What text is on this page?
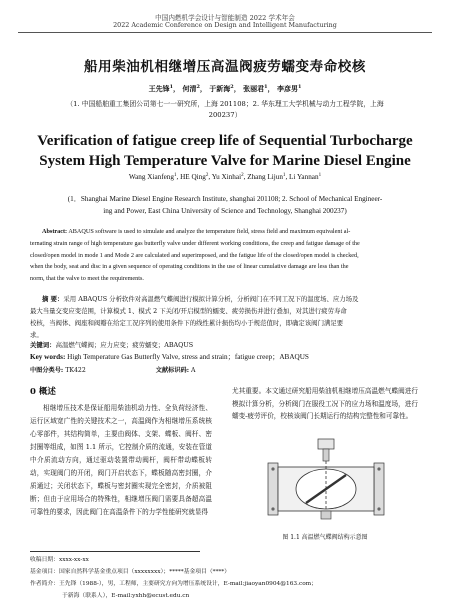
中国内燃机学会设计与智能制造 2022 学术年会
2022 Academic Conference on Design and Intelligent Manufacturing
船用柴油机相继增压高温阀疲劳蠕变寿命校核
王先锋$^1$， 何清$^2$， 于新海$^2$， 张丽君$^1$， 李彦男$^1$
（1. 中国船舶重工集团公司第七一一研究所，上海 201108；2. 华东理工大学机械与动力工程学院，上海
200237）
Verification of fatigue creep life of Sequential Turbocharge
System High Temperature Valve for Marine Diesel Engine
Wang Xianfeng$^1$, HE Qing$^2$, Yu Xinhai$^2$, Zhang Lijun$^1$, Li Yannan$^1$
(1．Shanghai Marine Diesel Engine Research Institute, shanghai 201108; 2. School of Mechanical Engineer-
ing and Power, East China University of Science and Technology, Shanghai 200237)
Abstract: ABAQUS software is used to simulate and analyze the temperature field, stress field and maximum equivalent al-
ternating strain range of high temperature gas butterfly valve under different working conditions, the creep and fatigue damage of the
closed/open model in mode 1 and Mode 2 are calculated and superimposed, and the fatigue life of the closed/open model is checked,
when the body, seat and disc in a given sequence of operating conditions in the use of linear cumulative damage are less than the
norm, that the valve to meet the requirements.
摘 要：采用 ABAQUS 分析软件对高温燃气蝶阀进行模拟计算分析，分析阀门在不同工况下的温度场、应力场及
最大当量交变应变范围，计算模式 1、模式 2 下关闭/开启模型的蠕变、疲劳损伤并进行叠加，对其进行疲劳寿命
校核，当阀体、阀座和阀瓣在给定工况序列的使用条件下的线性累计损伤均小于规范值时，即确定该阀门满足要
求。
关键词：高温燃气蝶阀；应力应变；疲劳蠕变；ABAQUS
Key words: High Temperature Gas Butterfly Valve, stress and strain；fatigue creep；ABAQUS
中图分类号: TK422	文献标识码: A
0 概述
相继增压技术是保证船用柴油机动力性、全负荷经济性、运行区域宽广性的关键技术之一，高温阀作为相继增压系统核心零部件，其结构简单，主要由阀体、支架、蝶板、阀杆、密封圈等组成，如图 1.1 所示，它控制介质的流通，安装在管道中介质流动方向，通过驱动装置带动阀杆，阀杆带动蝶板转动，实现阀门的开闭，阀门开启状态下，蝶板随高密封圈，介质通过；关闭状态下，蝶板与密封圈实现完全密封，介质被阻断；但由于应用场合的特殊性，相继增压阀门需要具备超高温可靠性的要求，因此阀门在高温条件下的力学性能研究就显得
尤其重要。本文通过研究船用柴油机相继增压高温燃气蝶阀进行模拟计算分析，分析阀门在服役工况下的应力场和温度场，进行蠕变-疲劳评价，校核该阀门长期运行的结构完整性和可靠性。
图 1.1 高温燃气蝶阀结构示意图
收稿日期：xxxx-xx-xx
基金项目：国家自然科学基金重点项目（xxxxxxxx）；*****基金项目（****）
作者简介：王先锋（1988-），男，工程师，主要研究方向为增压系统设计，E-mail:jiaoyan0904@163.com；
于新海（联系人），E-mail:yxhh@ecust.edu.cn
